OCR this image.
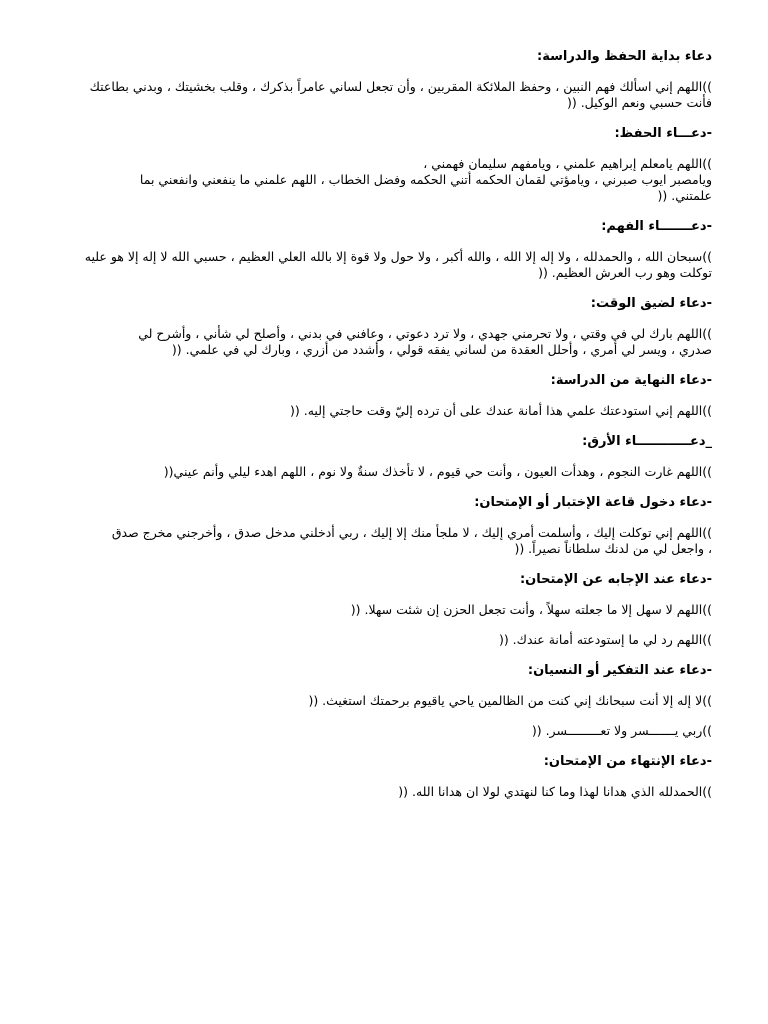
دعاء بداية الحفظ والدراسة:

))اللهم إني اسألك فهم النبين ، وحفظ الملائكة المقربين ، وأن تجعل لساني عامراً بذكرك ، وقلب بخشيتك ، وبدني بطاعتك
فأنت حسبي ونعم الوكيل. ((

-دعـــاء الحفظ:

))اللهم يامعلم إبراهيم علمني ، ويامفهم سليمان فهمني ،
ويامصبر ايوب صبرني ، ويامؤتي لقمان الحكمه أتني الحكمه وفضل الخطاب ، اللهم علمني ما ينفعني وانفعني بما
علمتني. ((

-دعـــــــاء الفهم:

))سبحان الله ، والحمدلله ، ولا إله إلا الله ، والله أكبر ، ولا حول ولا قوة إلا بالله العلي العظيم ، حسبي الله لا إله إلا هو عليه
توكلت وهو رب العرش العظيم. ((

-دعاء لضيق الوقت:

))اللهم بارك لي في وقتي ، ولا تحرمني جهدي ، ولا ترد دعوتي ، وعافني في بدني ، وأصلح لي شأني ، وأشرح لي
صدري ، ويسر لي أمري ، وأحلل العقدة من لساني يفقه قولي ، وأشدد من أزري ، وبارك لي في علمي. ((

-دعاء النهاية من الدراسة:

))اللهم إني استودعتك علمي هذا أمانة عندك على أن ترده إليّ وقت حاجتي إليه. ((

_دعــــــــــــاء الأرق:

))اللهم غارت النجوم ، وهدأت العيون ، وأنت حي قيوم ، لا تأخذك سنةٌ ولا نوم ، اللهم اهدء ليلي وأنم عيني((

-دعاء دخول قاعة الإختبار أو الإمتحان:

))اللهم إني توكلت إليك ، وأسلمت أمري إليك ، لا ملجأ منك إلا إليك ، ربي أدخلني مدخل صدق ، وأخرجني مخرج صدق
، واجعل لي من لدنك سلطاناً نصيراً. ((

-دعاء عند الإجابه عن الإمتحان:

))اللهم لا سهل إلا ما جعلته سهلاً ، وأنت تجعل الحزن إن شئت سهلا. ((

))اللهم رد لي ما إستودعته أمانة عندك. ((

-دعاء عند التفكير أو النسيان:

))لا إله إلا أنت سبحانك إني كنت من الظالمين ياحي ياقيوم برحمتك استغيث. ((

))ربي يـــــــسر ولا تعـــــــــسر. ((

-دعاء الإنتهاء من الإمتحان:

))الحمدلله الذي هدانا لهذا وما كنا لنهتدي لولا ان هدانا الله. ((
